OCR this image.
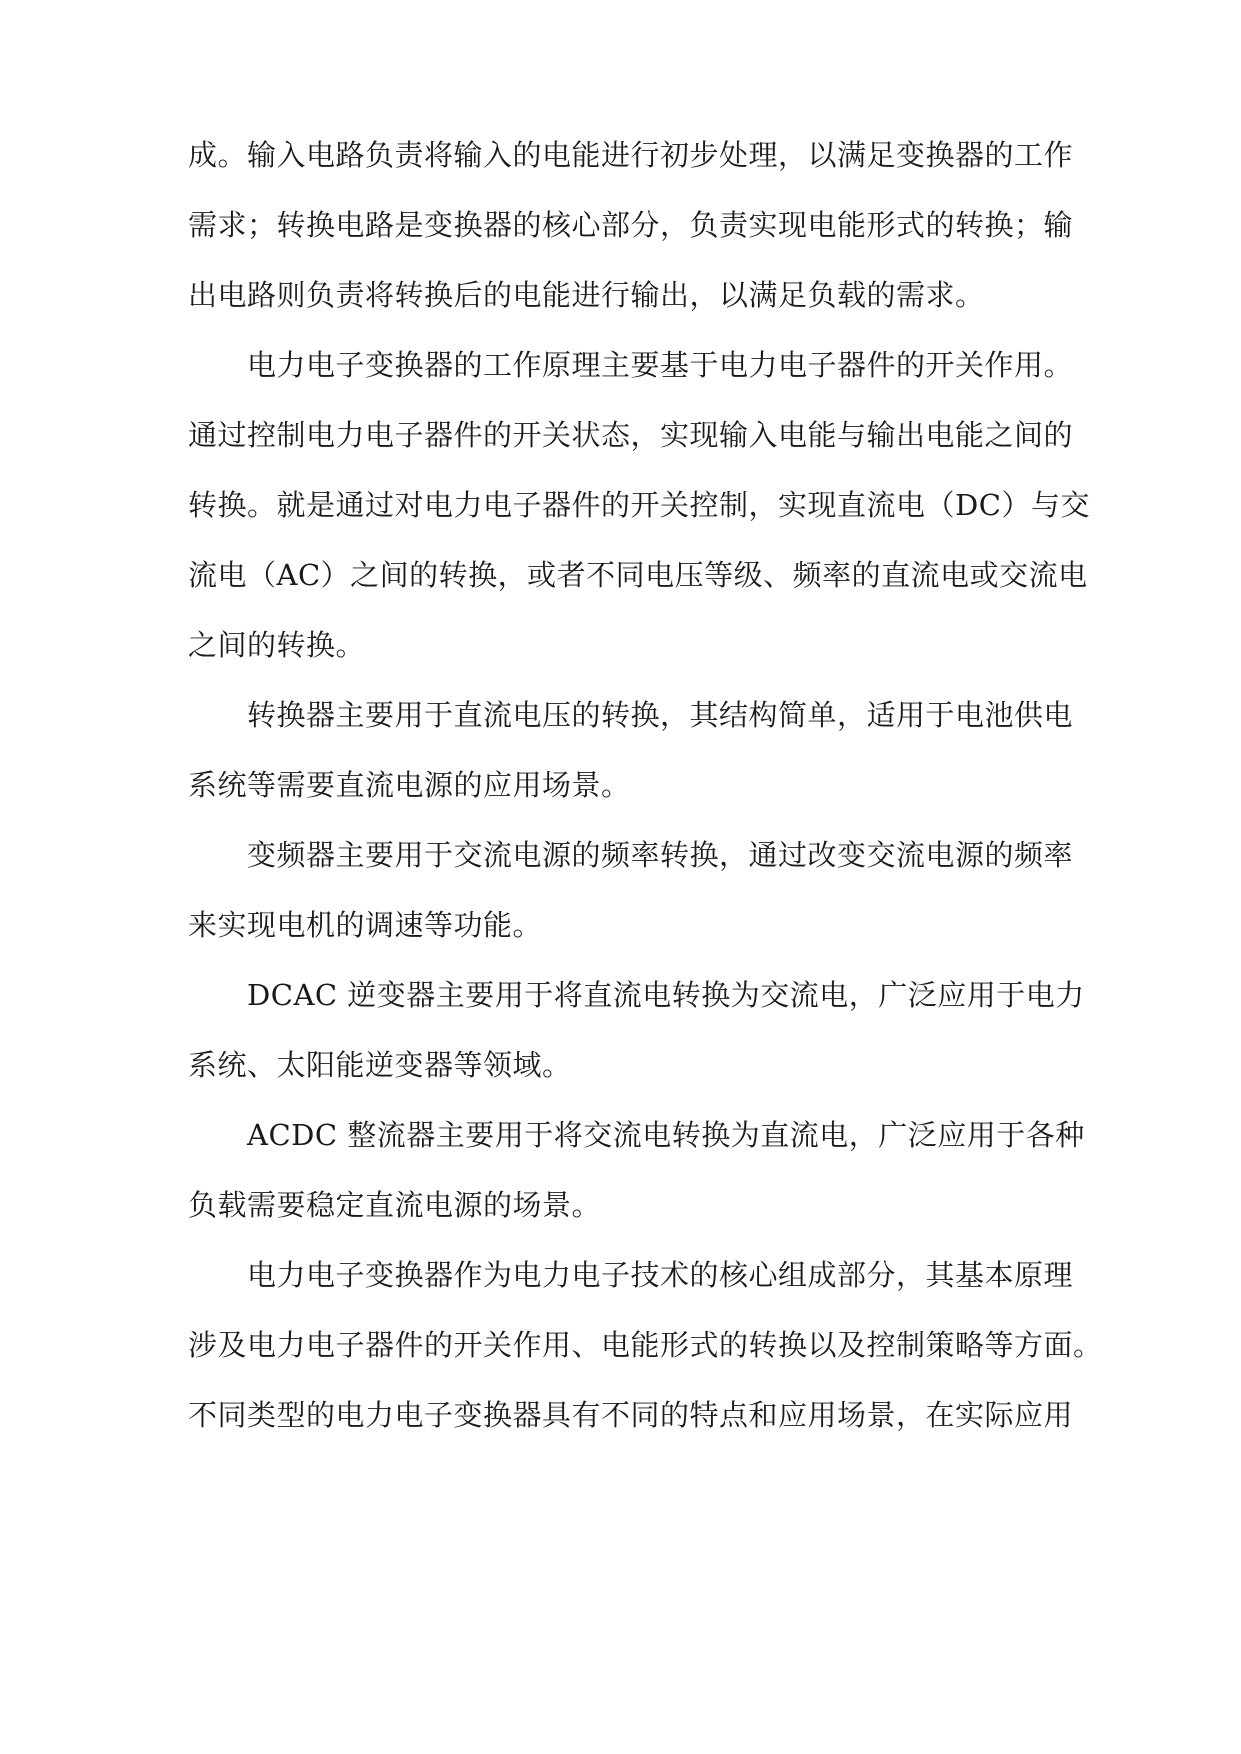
成。输入电路负责将输入的电能进行初步处理，以满足变换器的工作
需求；转换电路是变换器的核心部分，负责实现电能形式的转换；输
出电路则负责将转换后的电能进行输出，以满足负载的需求。
电力电子变换器的工作原理主要基于电力电子器件的开关作用。
通过控制电力电子器件的开关状态，实现输入电能与输出电能之间的
转换。就是通过对电力电子器件的开关控制，实现直流电（DC）与交
流电（AC）之间的转换，或者不同电压等级、频率的直流电或交流电
之间的转换。
转换器主要用于直流电压的转换，其结构简单，适用于电池供电
系统等需要直流电源的应用场景。
变频器主要用于交流电源的频率转换，通过改变交流电源的频率
来实现电机的调速等功能。
DCAC 逆变器主要用于将直流电转换为交流电，广泛应用于电力
系统、太阳能逆变器等领域。
ACDC 整流器主要用于将交流电转换为直流电，广泛应用于各种
负载需要稳定直流电源的场景。
电力电子变换器作为电力电子技术的核心组成部分，其基本原理
涉及电力电子器件的开关作用、电能形式的转换以及控制策略等方面。
不同类型的电力电子变换器具有不同的特点和应用场景，在实际应用
